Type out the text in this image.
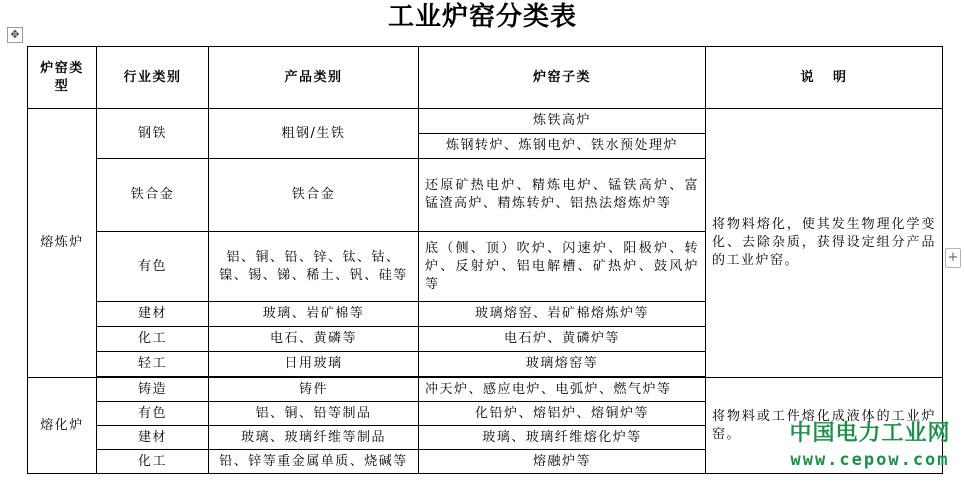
工业炉窑分类表
✥
炉窑类型	行业类别	产品类别	炉窑子类	说   明
熔炼炉	钢铁	粗钢/生铁	炼铁高炉	将物料熔化，使其发生物理化学变化、去除杂质，获得设定组分产品的工业炉窑。
			炼钢转炉、炼钢电炉、铁水预处理炉	
	铁合金	铁合金	还原矿热电炉、精炼电炉、锰铁高炉、富锰渣高炉、精炼转炉、铝热法熔炼炉等	
	有色	铝、铜、铅、锌、钛、钴、镍、锡、锑、稀土、钒、硅等	底（侧、顶）吹炉、闪速炉、阳极炉、转炉、反射炉、铝电解槽、矿热炉、鼓风炉等	
	建材	玻璃、岩矿棉等	玻璃熔窑、岩矿棉熔炼炉等	
	化工	电石、黄磷等	电石炉、黄磷炉等	
	轻工	日用玻璃	玻璃熔窑等	

熔化炉	铸造	铸件	冲天炉、感应电炉、电弧炉、燃气炉等	将物料或工件熔化成液体的工业炉窑。
	有色	铝、铜、铅等制品	化铅炉、熔铝炉、熔铜炉等	
	建材	玻璃、玻璃纤维等制品	玻璃、玻璃纤维熔化炉等	
	化工	铅、锌等重金属单质、烧碱等	熔融炉等	
+
中国电力工业网
www.cepow.com
